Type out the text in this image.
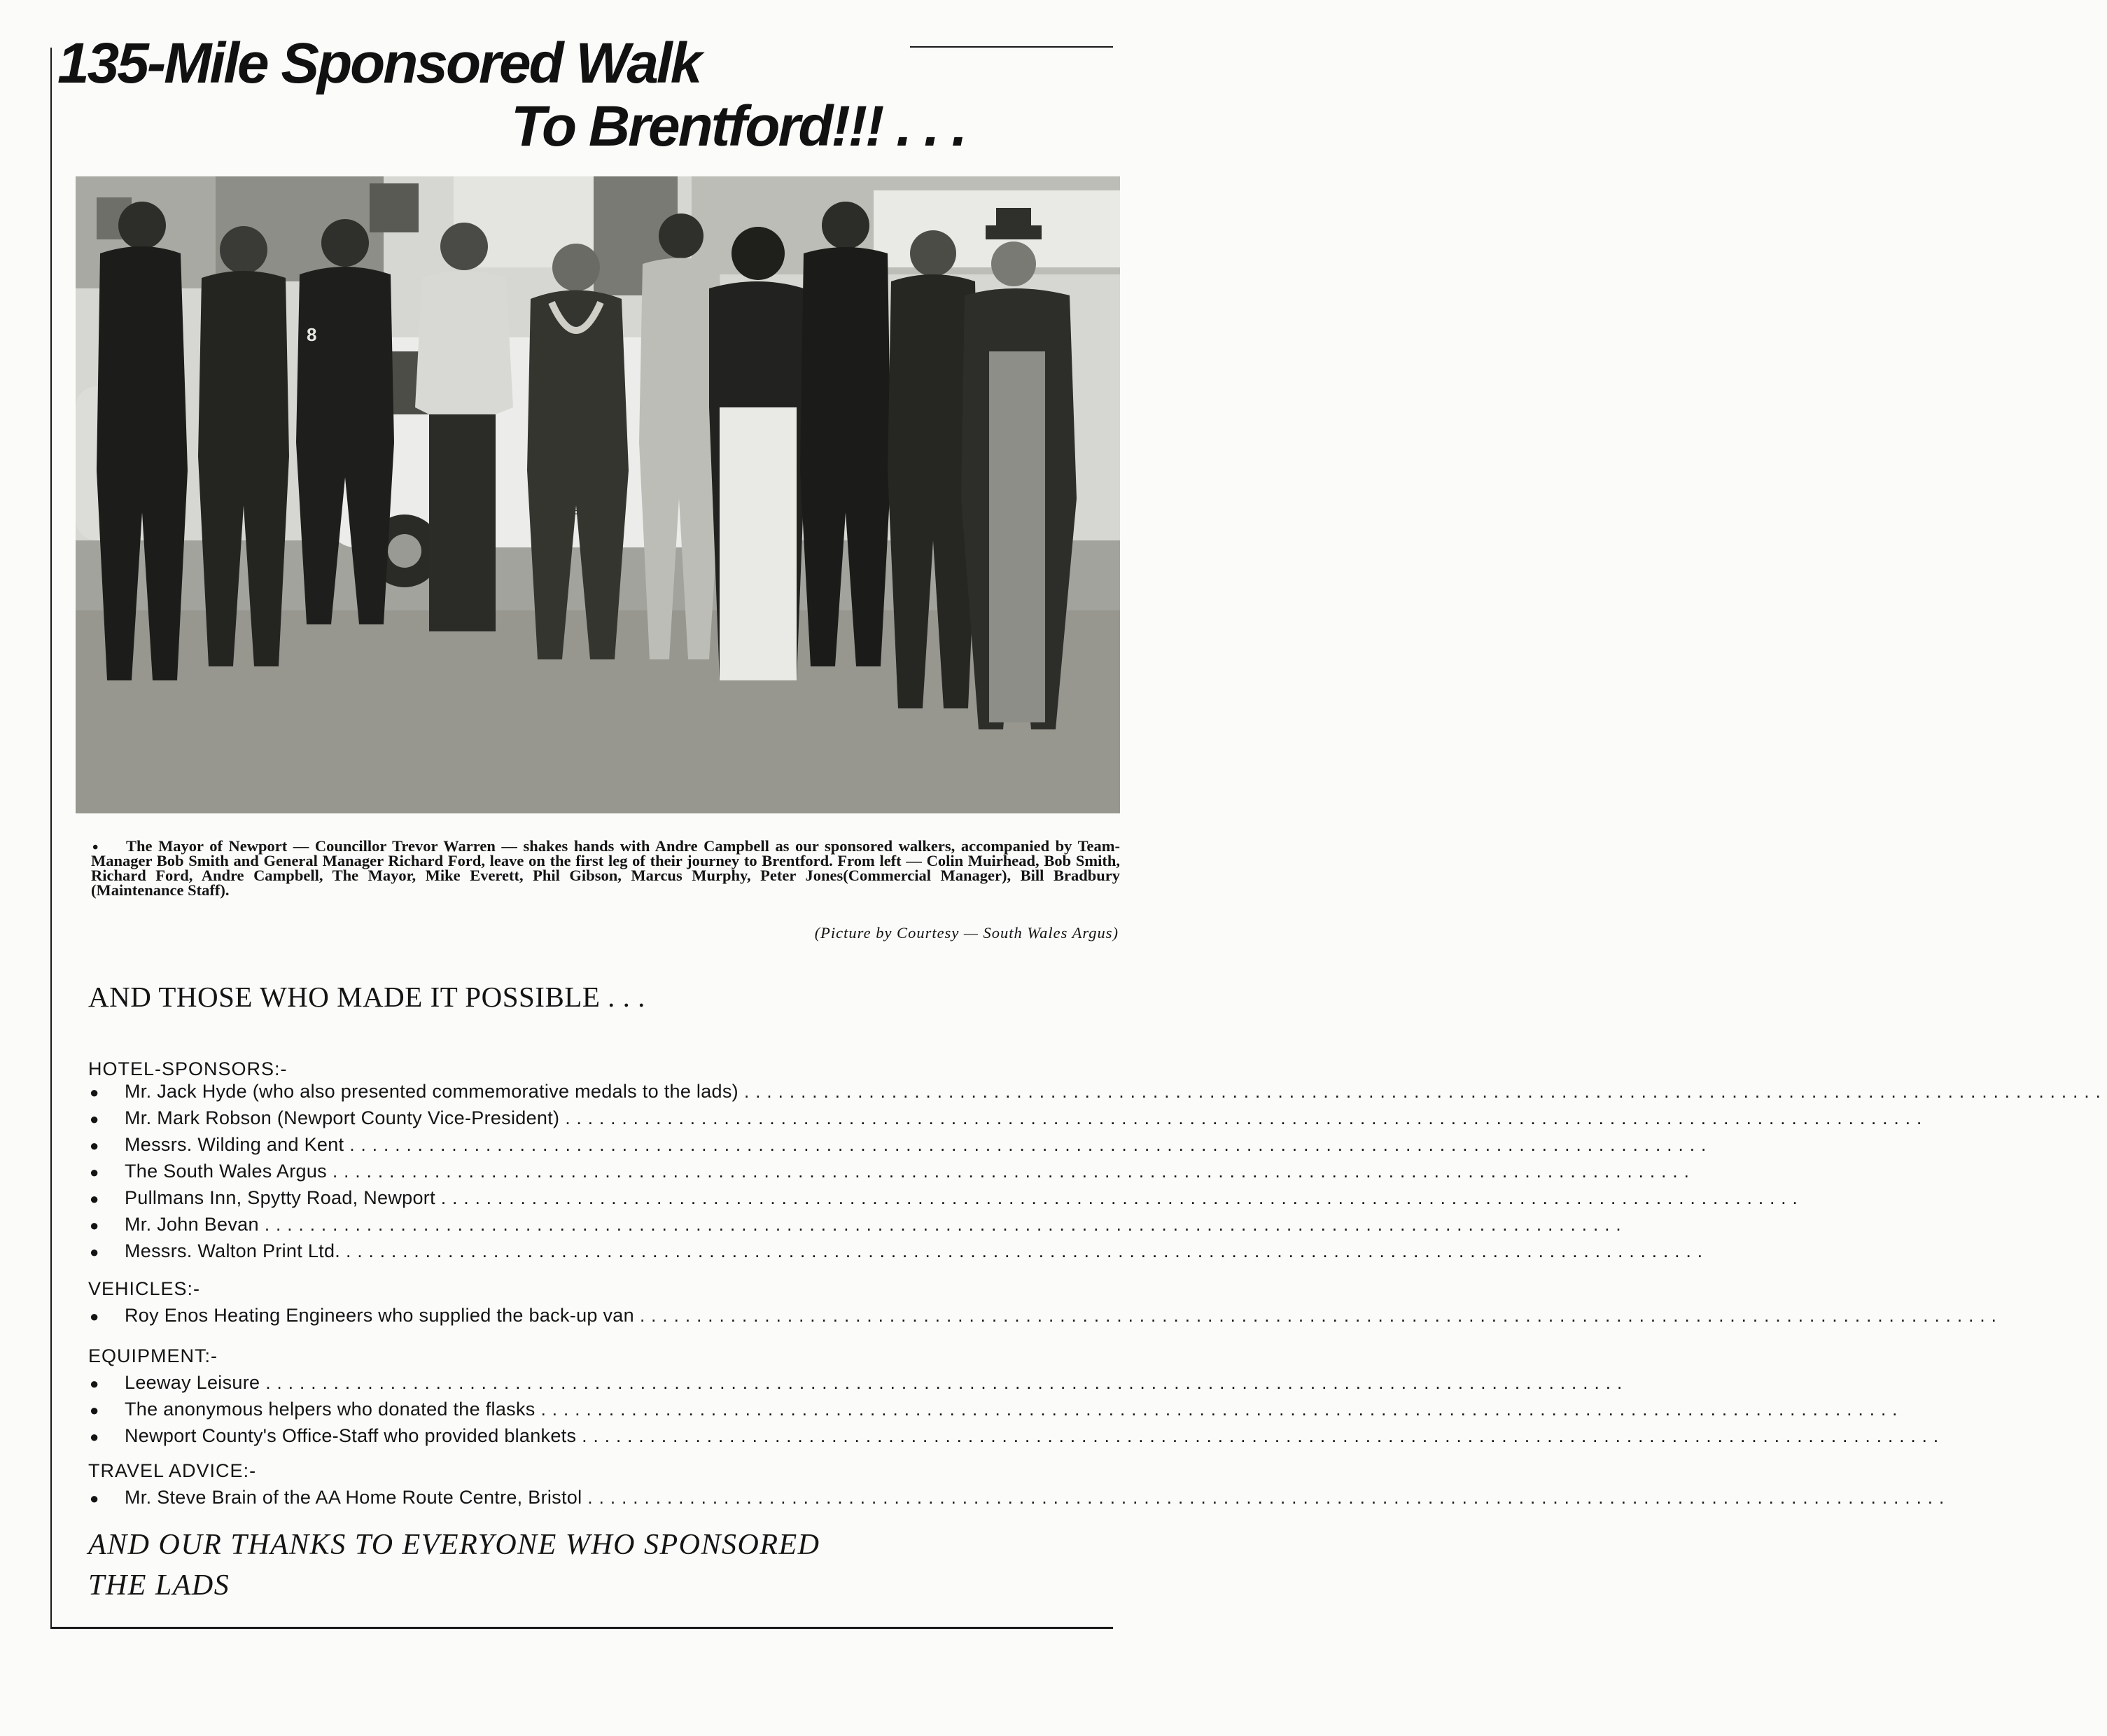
135-Mile Sponsored Walk
To Brentford!!! . . .
8
•	The Mayor of Newport — Councillor Trevor Warren — shakes hands with Andre Campbell as our sponsored walkers, accompanied by Team-Manager Bob Smith and General Manager Richard Ford, leave on the first leg of their journey to Brentford. From left — Colin Muirhead, Bob Smith, Richard Ford, Andre Campbell, The Mayor, Mike Everett, Phil Gibson, Marcus Murphy, Peter Jones(Commercial Manager), Bill Bradbury (Maintenance Staff).

(Picture by Courtesy — South Wales Argus)
AND THOSE WHO MADE IT POSSIBLE . . .
HOTEL-SPONSORS:-
●	Mr. Jack Hyde (who also presented commemorative medals to the lads) ........................................................................................................................
●	Mr. Mark Robson (Newport County Vice-President) ........................................................................................................................
●	Messrs. Wilding and Kent ........................................................................................................................
●	The South Wales Argus ........................................................................................................................
●	Pullmans Inn, Spytty Road, Newport ........................................................................................................................
●	Mr. John Bevan ........................................................................................................................
●	Messrs. Walton Print Ltd. ........................................................................................................................
VEHICLES:-
●	Roy Enos Heating Engineers who supplied the back-up van ........................................................................................................................
EQUIPMENT:-
●	Leeway Leisure ........................................................................................................................
●	The anonymous helpers who donated the flasks ........................................................................................................................
●	Newport County's Office-Staff who provided blankets ........................................................................................................................
TRAVEL ADVICE:-
●	Mr. Steve Brain of the AA Home Route Centre, Bristol ........................................................................................................................

AND OUR THANKS TO EVERYONE WHO SPONSORED
THE LADS
